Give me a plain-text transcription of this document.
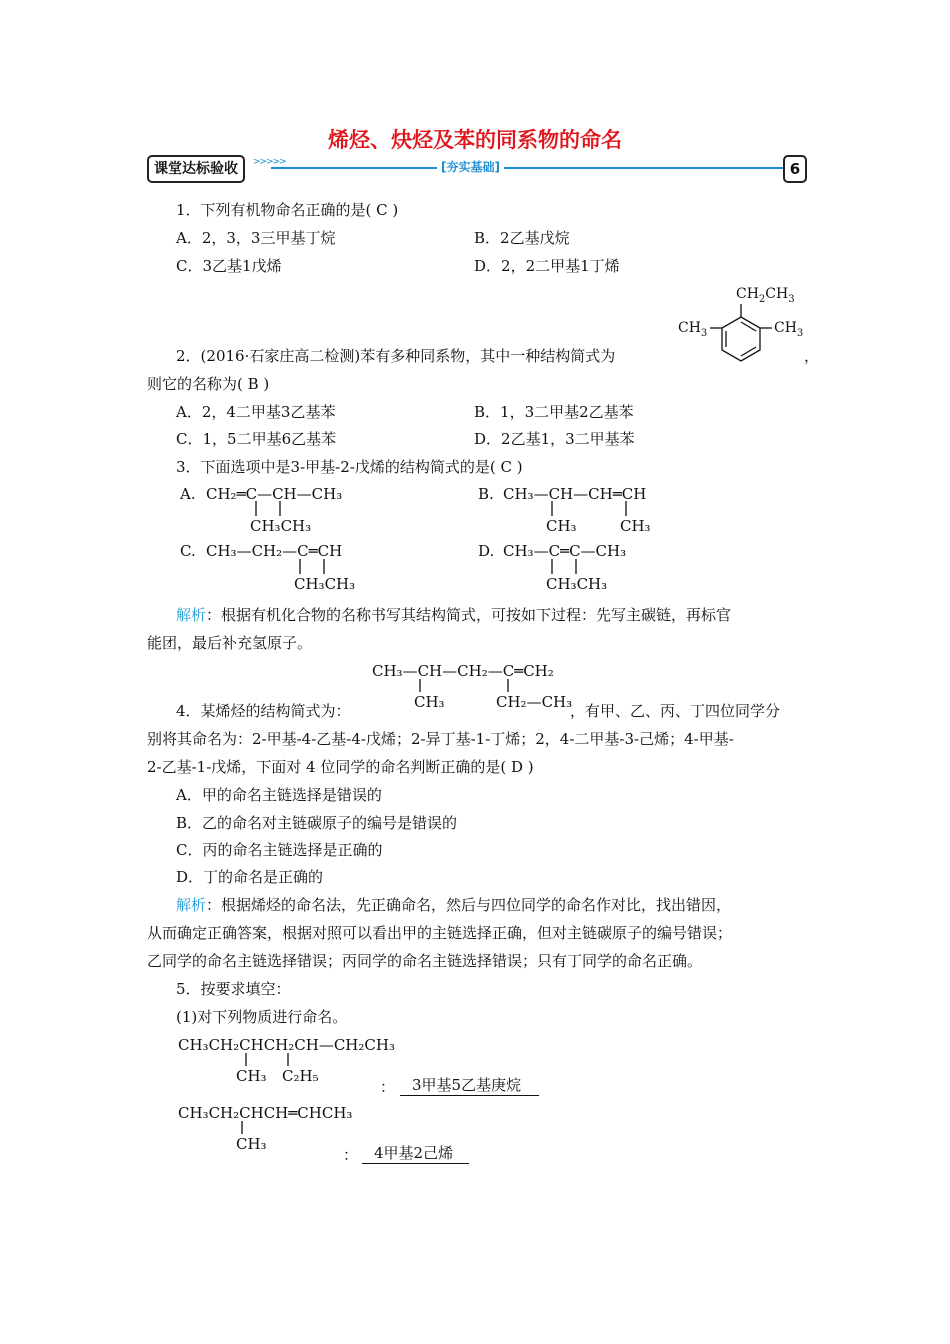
烯烃、炔烃及苯的同系物的命名
课堂达标验收	>>>>>	[夯实基础]	6
1．下列有机物命名正确的是( C )
A．2，3，3三甲基丁烷	B．2乙基戊烷
C．3乙基1戊烯	D．2，2二甲基1丁烯
$CH_2CH_3$
$CH_3$	$CH_3$
2．(2016·石家庄高二检测)苯有多种同系物，其中一种结构简式为	，
则它的名称为( B )
A．2，4二甲基3乙基苯	B．1，3二甲基2乙基苯
C．1，5二甲基6乙基苯	D．2乙基1，3二甲基苯
3．下面选项中是3-甲基-2-戊烯的结构简式的是( C )
A. CH₂═C—CH—CH₃
CH₃CH₃
B. CH₃—CH—CH═CH
CH₃	CH₃
C. CH₃—CH₂—C═CH
CH₃CH₃
D. CH₃—C═C—CH₃
CH₃CH₃
解析：根据有机化合物的名称书写其结构简式，可按如下过程：先写主碳链，再标官
能团，最后补充氢原子。
CH₃—CH—CH₂—C═CH₂
CH₃	CH₂—CH₃
4．某烯烃的结构简式为：	，有甲、乙、丙、丁四位同学分
别将其命名为：2-甲基-4-乙基-4-戊烯；2-异丁基-1-丁烯；2，4-二甲基-3-己烯；4-甲基-
2-乙基-1-戊烯，下面对 4 位同学的命名判断正确的是( D )
A．甲的命名主链选择是错误的
B．乙的命名对主链碳原子的编号是错误的
C．丙的命名主链选择是正确的
D．丁的命名是正确的
解析：根据烯烃的命名法，先正确命名，然后与四位同学的命名作对比，找出错因，
从而确定正确答案，根据对照可以看出甲的主链选择正确，但对主链碳原子的编号错误；
乙同学的命名主链选择错误；丙同学的命名主链选择错误；只有丁同学的命名正确。
5．按要求填空：
(1)对下列物质进行命名。
CH₃CH₂CHCH₂CH—CH₂CH₃
CH₃ C₂H₅
：	3甲基5乙基庚烷
CH₃CH₂CHCH═CHCH₃
CH₃
：	4甲基2己烯
